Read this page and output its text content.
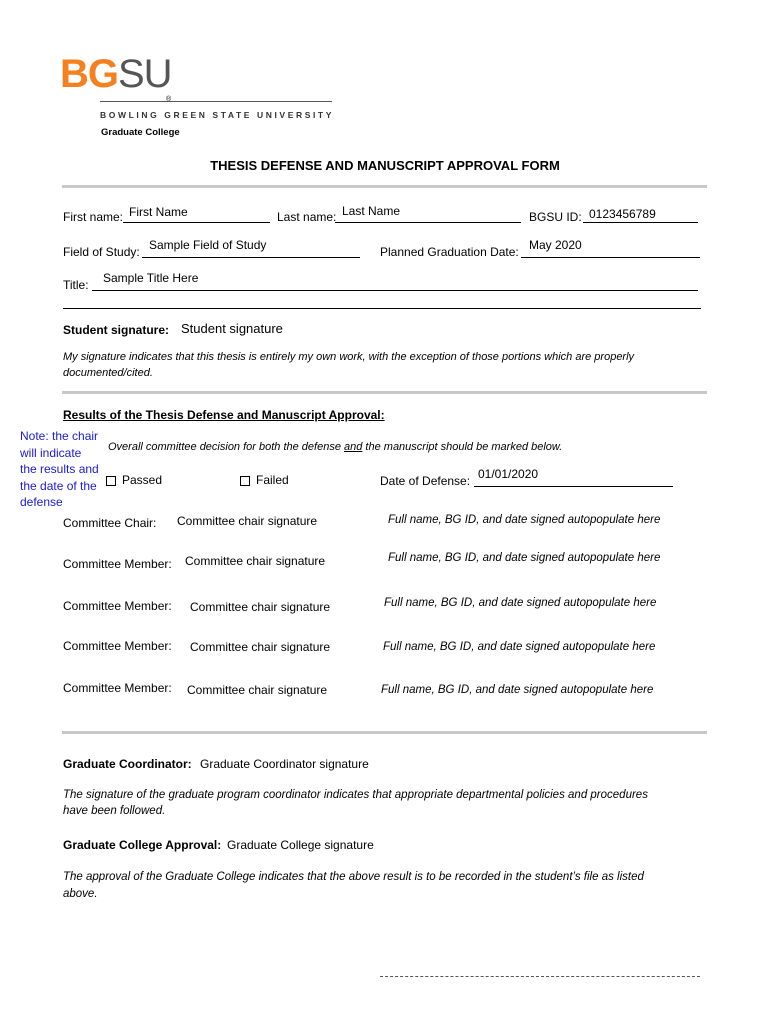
BGSU
®
BOWLING GREEN STATE UNIVERSITY
Graduate College
THESIS DEFENSE AND MANUSCRIPT APPROVAL FORM
First name: First Name	Last name: Last Name	BGSU ID: 0123456789
Field of Study: Sample Field of Study	Planned Graduation Date: May 2020
Title: Sample Title Here
Student signature: Student signature
My signature indicates that this thesis is entirely my own work, with the exception of those portions which are properly
documented/cited.
Results of the Thesis Defense and Manuscript Approval:
Note: the chair
will indicate
the results and
the date of the
defense
Overall committee decision for both the defense and the manuscript should be marked below.
Passed	Failed	Date of Defense: 01/01/2020
Committee Chair: Committee chair signature	Full name, BG ID, and date signed autopopulate here
Committee Member: Committee chair signature	Full name, BG ID, and date signed autopopulate here
Committee Member: Committee chair signature	Full name, BG ID, and date signed autopopulate here
Committee Member: Committee chair signature	Full name, BG ID, and date signed autopopulate here
Committee Member: Committee chair signature	Full name, BG ID, and date signed autopopulate here
Graduate Coordinator: Graduate Coordinator signature
The signature of the graduate program coordinator indicates that appropriate departmental policies and procedures
have been followed.
Graduate College Approval: Graduate College signature
The approval of the Graduate College indicates that the above result is to be recorded in the student’s file as listed
above.
